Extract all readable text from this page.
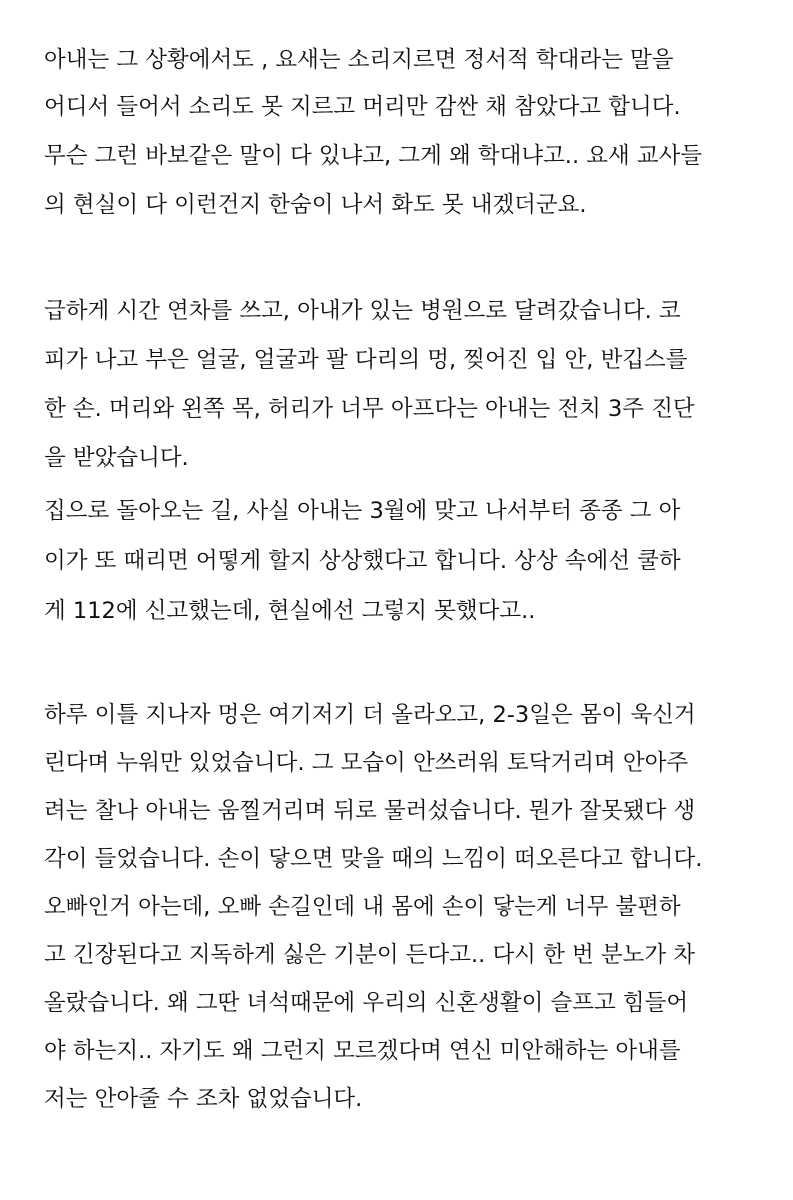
아내는 그 상황에서도 , 요새는 소리지르면 정서적 학대라는 말을
어디서 들어서 소리도 못 지르고 머리만 감싼 채 참았다고 합니다.
무슨 그런 바보같은 말이 다 있냐고, 그게 왜 학대냐고.. 요새 교사들
의 현실이 다 이런건지 한숨이 나서 화도 못 내겠더군요.
급하게 시간 연차를 쓰고, 아내가 있는 병원으로 달려갔습니다. 코
피가 나고 부은 얼굴, 얼굴과 팔 다리의 멍, 찢어진 입 안, 반깁스를
한 손. 머리와 왼쪽 목, 허리가 너무 아프다는 아내는 전치 3주 진단
을 받았습니다.
집으로 돌아오는 길, 사실 아내는 3월에 맞고 나서부터 종종 그 아
이가 또 때리면 어떻게 할지 상상했다고 합니다. 상상 속에선 쿨하
게 112에 신고했는데, 현실에선 그렇지 못했다고..
하루 이틀 지나자 멍은 여기저기 더 올라오고, 2-3일은 몸이 욱신거
린다며 누워만 있었습니다. 그 모습이 안쓰러워 토닥거리며 안아주
려는 찰나 아내는 움찔거리며 뒤로 물러섰습니다. 뭔가 잘못됐다 생
각이 들었습니다. 손이 닿으면 맞을 때의 느낌이 떠오른다고 합니다.
오빠인거 아는데, 오빠 손길인데 내 몸에 손이 닿는게 너무 불편하
고 긴장된다고 지독하게 싫은 기분이 든다고.. 다시 한 번 분노가 차
올랐습니다. 왜 그딴 녀석때문에 우리의 신혼생활이 슬프고 힘들어
야 하는지.. 자기도 왜 그런지 모르겠다며 연신 미안해하는 아내를
저는 안아줄 수 조차 없었습니다.
